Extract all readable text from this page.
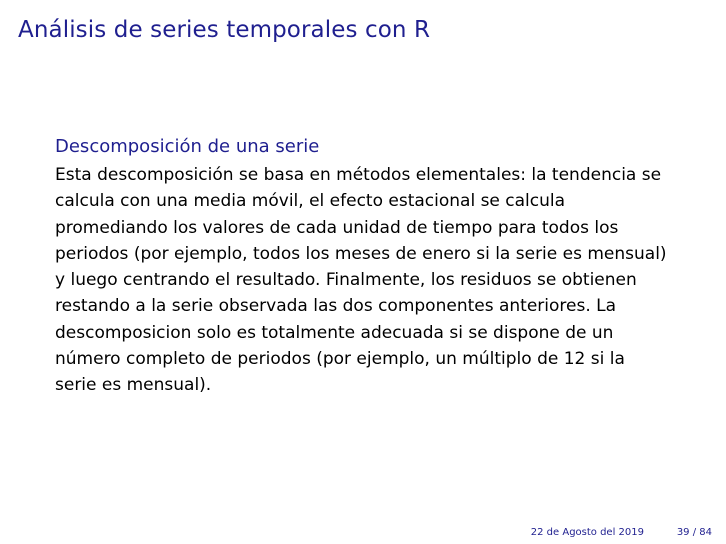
Análisis de series temporales con R
Descomposición de una serie
Esta descomposición se basa en métodos elementales: la tendencia se
calcula con una media móvil, el efecto estacional se calcula
promediando los valores de cada unidad de tiempo para todos los
periodos (por ejemplo, todos los meses de enero si la serie es mensual)
y luego centrando el resultado. Finalmente, los residuos se obtienen
restando a la serie observada las dos componentes anteriores. La
descomposicion solo es totalmente adecuada si se dispone de un
número completo de periodos (por ejemplo, un múltiplo de 12 si la
serie es mensual).
22 de Agosto del 2019	39 / 84
